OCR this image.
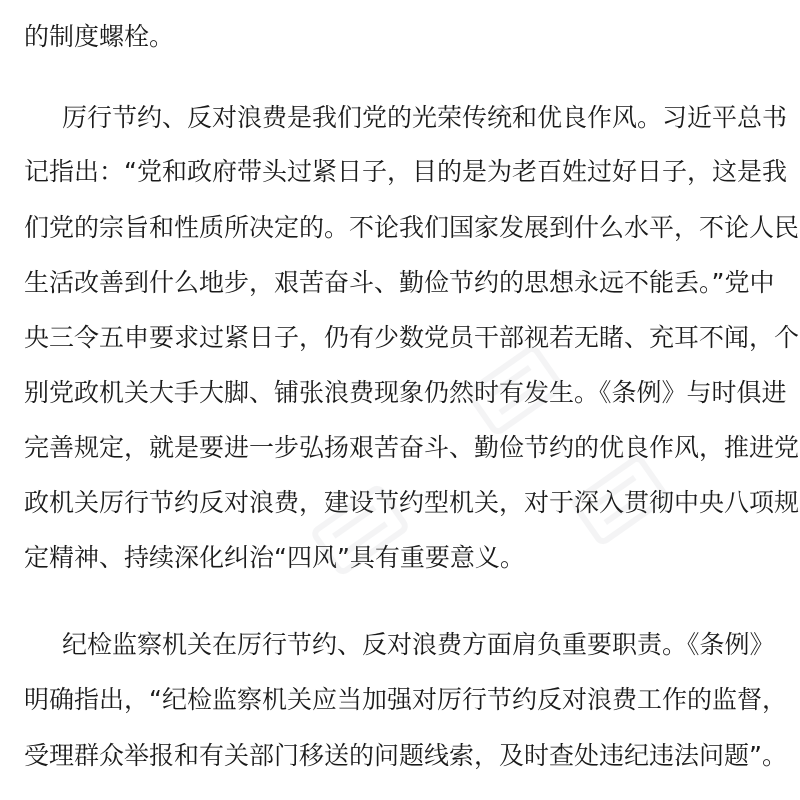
的制度螺栓。
厉行节约、反对浪费是我们党的光荣传统和优良作风。习近平总书
记指出：“党和政府带头过紧日子，目的是为老百姓过好日子，这是我
们党的宗旨和性质所决定的。不论我们国家发展到什么水平，不论人民
生活改善到什么地步，艰苦奋斗、勤俭节约的思想永远不能丢。”党中
央三令五申要求过紧日子，仍有少数党员干部视若无睹、充耳不闻，个
别党政机关大手大脚、铺张浪费现象仍然时有发生。《条例》与时俱进
完善规定，就是要进一步弘扬艰苦奋斗、勤俭节约的优良作风，推进党
政机关厉行节约反对浪费，建设节约型机关，对于深入贯彻中央八项规
定精神、持续深化纠治“四风”具有重要意义。
纪检监察机关在厉行节约、反对浪费方面肩负重要职责。《条例》
明确指出，“纪检监察机关应当加强对厉行节约反对浪费工作的监督，
受理群众举报和有关部门移送的问题线索，及时查处违纪违法问题”。
